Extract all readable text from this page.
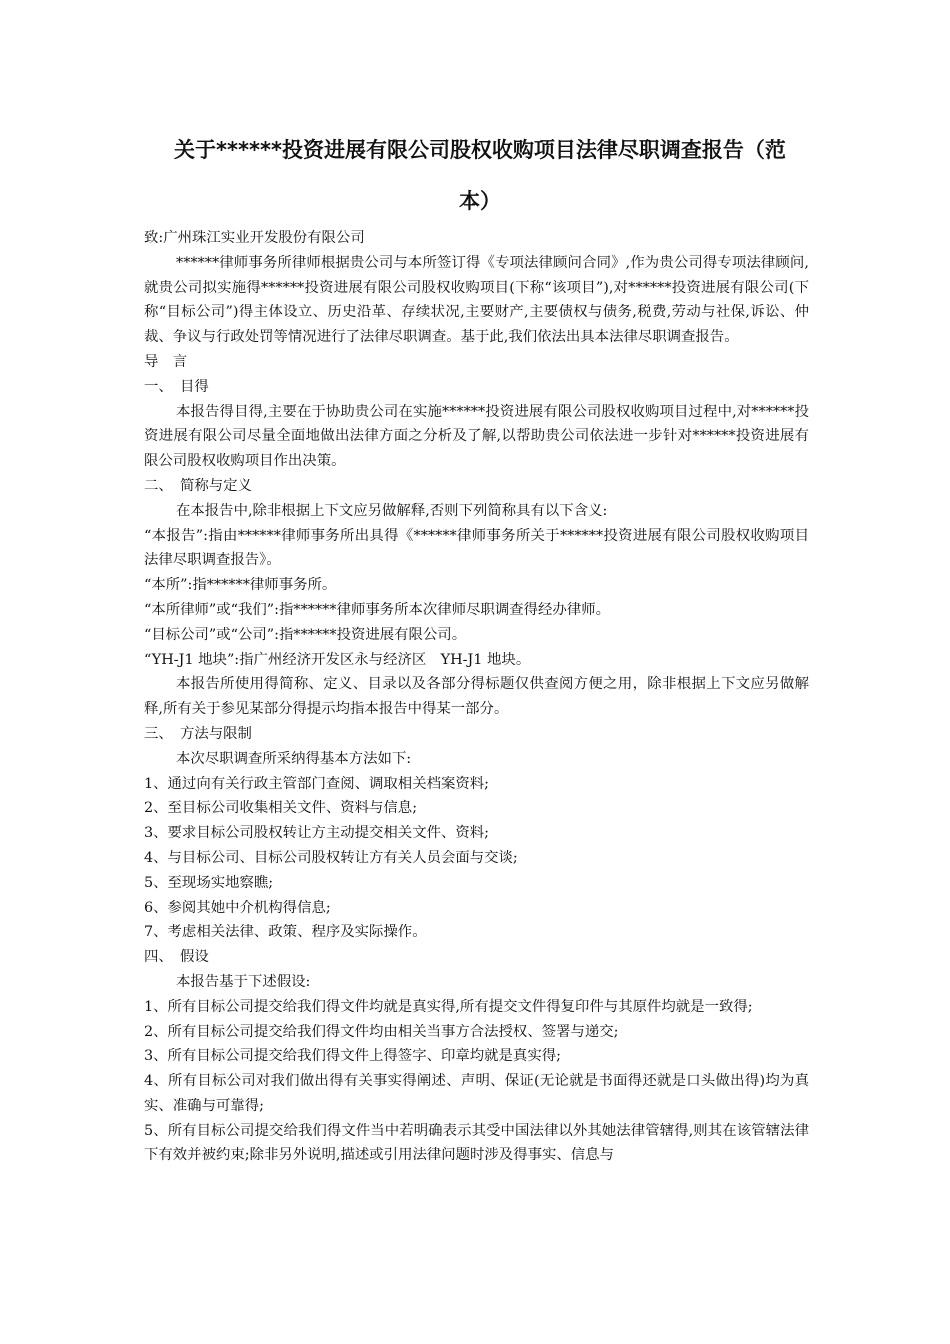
关于******投资进展有限公司股权收购项目法律尽职调查报告（范
本）

致:广州珠江实业开发股份有限公司

******律师事务所律师根据贵公司与本所签订得《专项法律顾问合同》,作为贵公司得专项法律顾问,就贵公司拟实施得******投资进展有限公司股权收购项目(下称“该项目”),对******投资进展有限公司(下称“目标公司”)得主体设立、历史沿革、存续状况,主要财产,主要债权与债务,税费,劳动与社保,诉讼、仲裁、争议与行政处罚等情况进行了法律尽职调查。基于此,我们依法出具本法律尽职调查报告。

导　言

一、　目得

本报告得目得,主要在于协助贵公司在实施******投资进展有限公司股权收购项目过程中,对******投资进展有限公司尽量全面地做出法律方面之分析及了解,以帮助贵公司依法进一步针对******投资进展有限公司股权收购项目作出决策。

二、　简称与定义

在本报告中,除非根据上下文应另做解释,否则下列简称具有以下含义:

“本报告”:指由******律师事务所出具得《******律师事务所关于******投资进展有限公司股权收购项目法律尽职调查报告》。

“本所”:指******律师事务所。

“本所律师”或“我们”:指******律师事务所本次律师尽职调查得经办律师。

“目标公司”或“公司”:指******投资进展有限公司。

“YH-J1 地块”:指广州经济开发区永与经济区　YH-J1 地块。

本报告所使用得简称、定义、目录以及各部分得标题仅供查阅方便之用，除非根据上下文应另做解释,所有关于参见某部分得提示均指本报告中得某一部分。

三、　方法与限制

本次尽职调查所采纳得基本方法如下:

1、通过向有关行政主管部门查阅、调取相关档案资料;

2、至目标公司收集相关文件、资料与信息;

3、要求目标公司股权转让方主动提交相关文件、资料;

4、与目标公司、目标公司股权转让方有关人员会面与交谈;

5、至现场实地察瞧;

6、参阅其她中介机构得信息;

7、考虑相关法律、政策、程序及实际操作。

四、　假设

本报告基于下述假设:

1、所有目标公司提交给我们得文件均就是真实得,所有提交文件得复印件与其原件均就是一致得;

2、所有目标公司提交给我们得文件均由相关当事方合法授权、签署与递交;

3、所有目标公司提交给我们得文件上得签字、印章均就是真实得;

4、所有目标公司对我们做出得有关事实得阐述、声明、保证(无论就是书面得还就是口头做出得)均为真实、准确与可靠得;

5、所有目标公司提交给我们得文件当中若明确表示其受中国法律以外其她法律管辖得,则其在该管辖法律下有效并被约束;除非另外说明,描述或引用法律问题时涉及得事实、信息与
